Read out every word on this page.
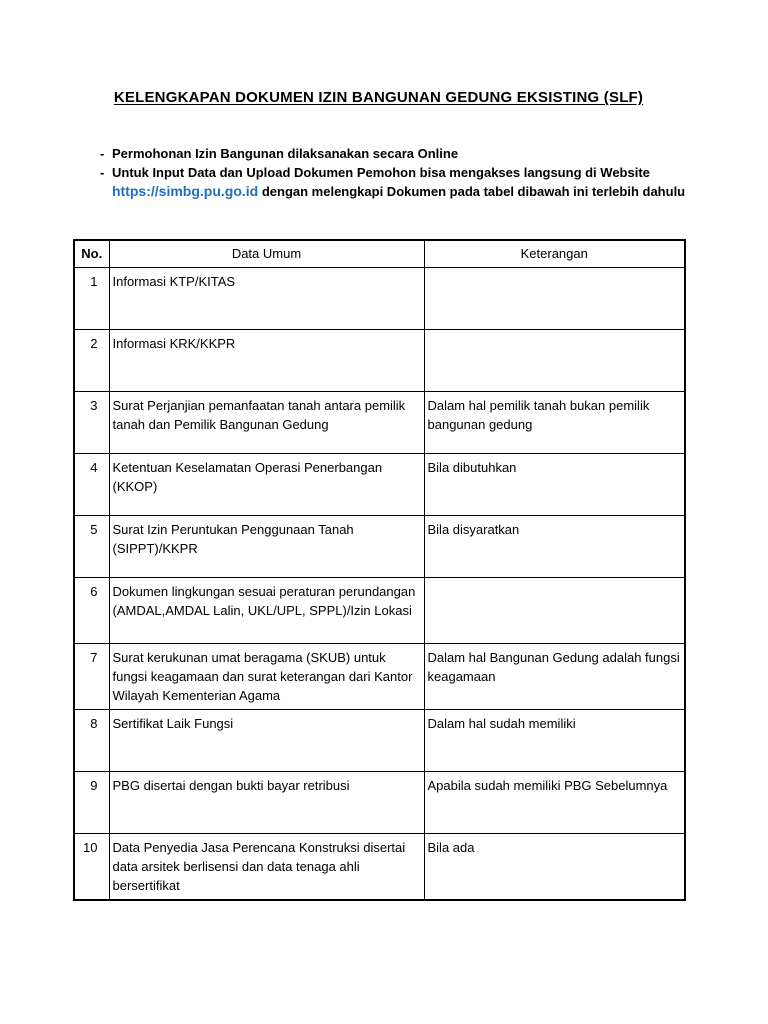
KELENGKAPAN DOKUMEN IZIN BANGUNAN GEDUNG EKSISTING (SLF)
- Permohonan Izin Bangunan dilaksanakan secara Online
- Untuk Input Data dan Upload Dokumen Pemohon bisa mengakses langsung di Website https://simbg.pu.go.id dengan melengkapi Dokumen pada tabel dibawah ini terlebih dahulu
No.	Data Umum	Keterangan
1	Informasi KTP/KITAS	
2	Informasi KRK/KKPR	
3	Surat Perjanjian pemanfaatan tanah antara pemilik tanah dan Pemilik Bangunan Gedung	Dalam hal pemilik tanah bukan pemilik bangunan gedung
4	Ketentuan Keselamatan Operasi Penerbangan (KKOP)	Bila dibutuhkan
5	Surat Izin Peruntukan Penggunaan Tanah (SIPPT)/KKPR	Bila disyaratkan
6	Dokumen lingkungan sesuai peraturan perundangan (AMDAL,AMDAL Lalin, UKL/UPL, SPPL)/Izin Lokasi	
7	Surat kerukunan umat beragama (SKUB) untuk fungsi keagamaan dan surat keterangan dari Kantor Wilayah Kementerian Agama	Dalam hal Bangunan Gedung adalah fungsi keagamaan
8	Sertifikat Laik Fungsi	Dalam hal sudah memiliki
9	PBG disertai dengan bukti bayar retribusi	Apabila sudah memiliki PBG Sebelumnya
10	Data Penyedia Jasa Perencana Konstruksi disertai data arsitek berlisensi dan data tenaga ahli bersertifikat	Bila ada
